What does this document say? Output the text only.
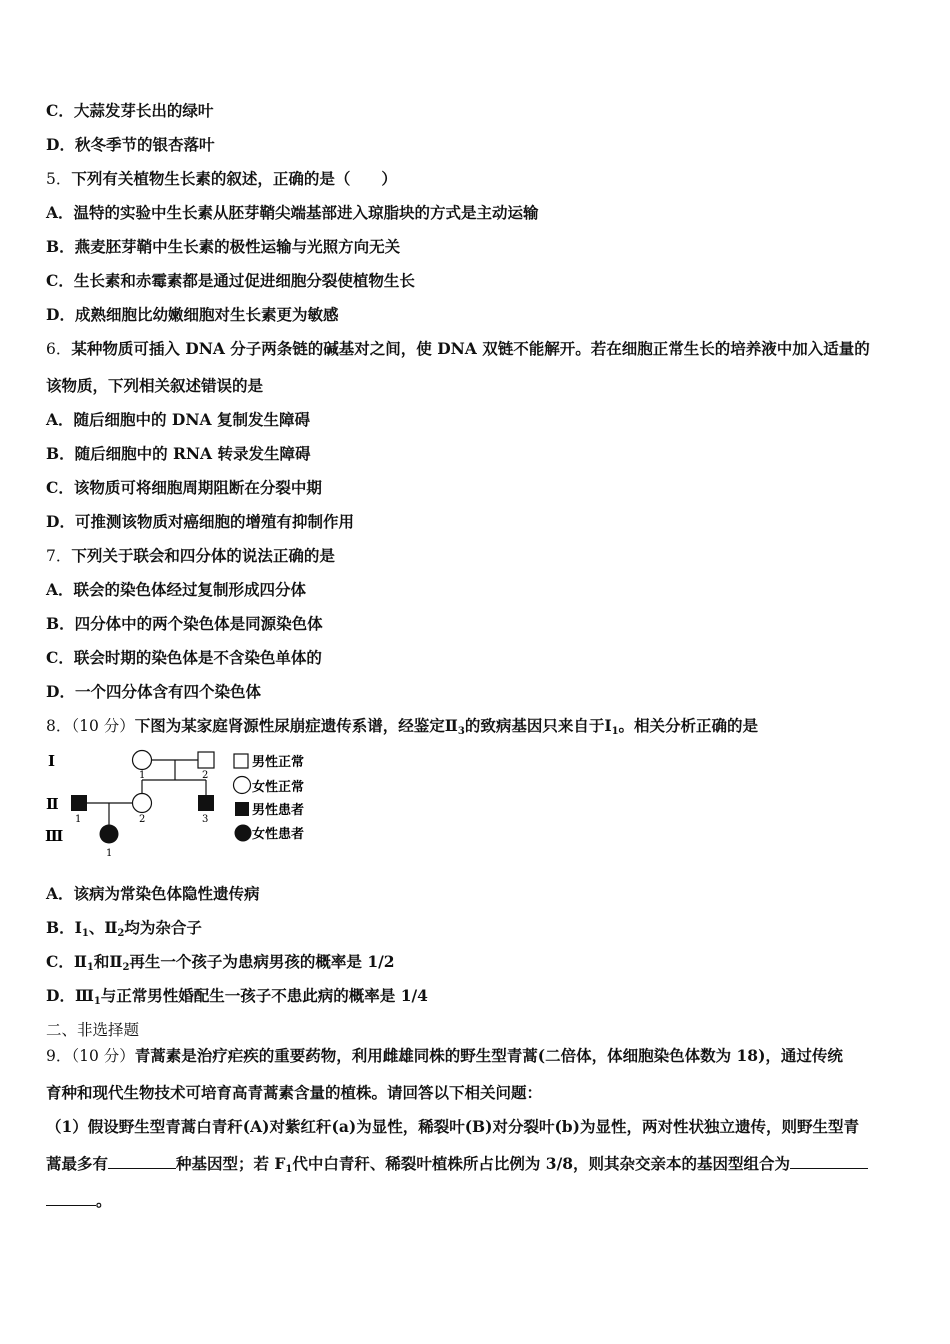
C．大蒜发芽长出的绿叶
D．秋冬季节的银杏落叶
5．下列有关植物生长素的叙述，正确的是（　　）
A．温特的实验中生长素从胚芽鞘尖端基部进入琼脂块的方式是主动运输
B．燕麦胚芽鞘中生长素的极性运输与光照方向无关
C．生长素和赤霉素都是通过促进细胞分裂使植物生长
D．成熟细胞比幼嫩细胞对生长素更为敏感
6．某种物质可插入 DNA 分子两条链的碱基对之间，使 DNA 双链不能解开。若在细胞正常生长的培养液中加入适量的
该物质，下列相关叙述错误的是
A．随后细胞中的 DNA 复制发生障碍
B．随后细胞中的 RNA 转录发生障碍
C．该物质可将细胞周期阻断在分裂中期
D．可推测该物质对癌细胞的增殖有抑制作用
7．下列关于联会和四分体的说法正确的是
A．联会的染色体经过复制形成四分体
B．四分体中的两个染色体是同源染色体
C．联会时期的染色体是不含染色单体的
D．一个四分体含有四个染色体
8．（10 分）下图为某家庭肾源性尿崩症遗传系谱，经鉴定$Ⅱ_3$的致病基因只来自于$Ⅰ_1$。相关分析正确的是
Ⅰ
Ⅱ
Ⅲ
1	2
1	2	3
1
男性正常
女性正常
男性患者
女性患者
A．该病为常染色体隐性遗传病
B．$Ⅰ_1$、$Ⅱ_2$均为杂合子
C．$Ⅱ_1$和$Ⅱ_2$再生一个孩子为患病男孩的概率是 1/2
D．$Ⅲ_1$与正常男性婚配生一孩子不患此病的概率是 1/4
二、非选择题
9．（10 分）青蒿素是治疗疟疾的重要药物，利用雌雄同株的野生型青蒿(二倍体，体细胞染色体数为 18)，通过传统
育种和现代生物技术可培育高青蒿素含量的植株。请回答以下相关问题：
（1）假设野生型青蒿白青秆(A)对紫红秆(a)为显性，稀裂叶(B)对分裂叶(b)为显性，两对性状独立遗传，则野生型青
蒿最多有	种基因型；若 $F_1$代中白青秆、稀裂叶植株所占比例为 3/8，则其杂交亲本的基因型组合为
。
